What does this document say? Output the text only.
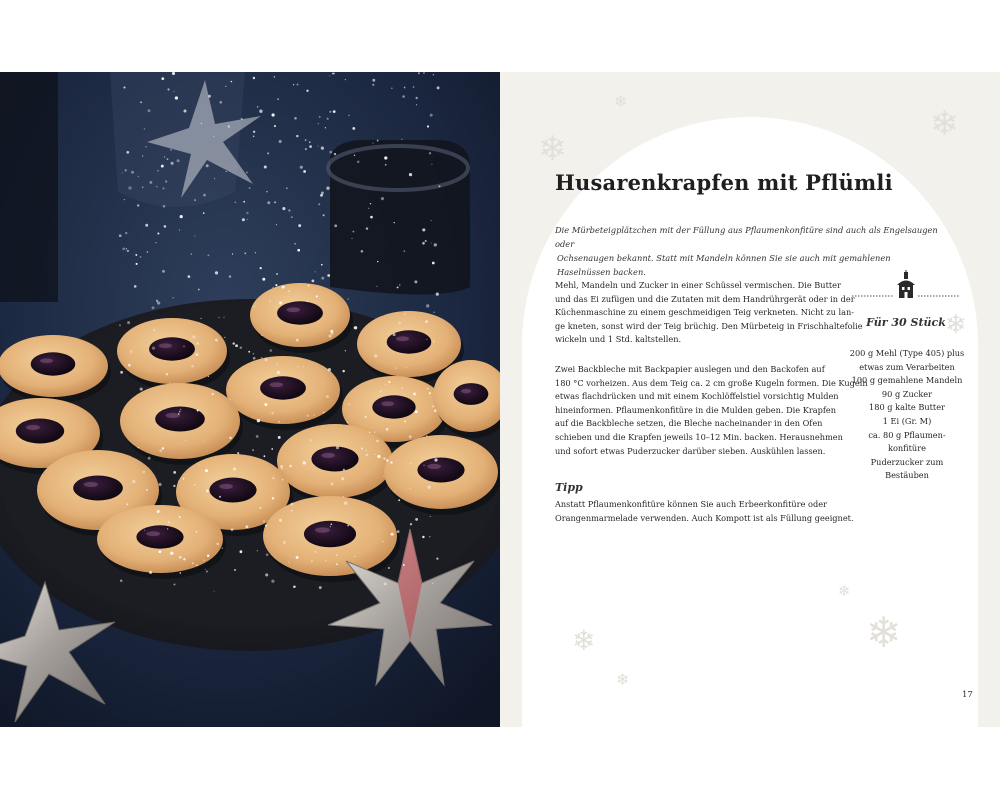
❄
❄
❄
❄
❄	❄
❄
❄
Husarenkrapfen mit Pflümli

Die Mürbeteigplätzchen mit der Füllung aus Pflaumenkonfitüre sind auch als Engelsaugen oder
Ochsenaugen bekannt. Statt mit Mandeln können Sie sie auch mit gemahlenen Haselnüssen backen.

Mehl, Mandeln und Zucker in einer Schüssel vermischen. Die Butter
und das Ei zufügen und die Zutaten mit dem Handrührgerät oder in der
Küchenmaschine zu einem geschmeidigen Teig verkneten. Nicht zu lan-
ge kneten, sonst wird der Teig brüchig. Den Mürbeteig in Frischhaltefolie
wickeln und 1 Std. kaltstellen.

Zwei Backbleche mit Backpapier auslegen und den Backofen auf
180 °C vorheizen. Aus dem Teig ca. 2 cm große Kugeln formen. Die Kugeln
etwas flachdrücken und mit einem Kochlöffelstiel vorsichtig Mulden
hineinformen. Pflaumenkonfitüre in die Mulden geben. Die Krapfen
auf die Backbleche setzen, die Bleche nacheinander in den Ofen
schieben und die Krapfen jeweils 10–12 Min. backen. Herausnehmen
und sofort etwas Puderzucker darüber sieben. Auskühlen lassen.

Tipp

Anstatt Pflaumenkonfitüre können Sie auch Erbeerkonfitüre oder
Orangenmarmelade verwenden. Auch Kompott ist als Füllung geeignet.

Für 30 Stück
200 g Mehl (Type 405) plus
etwas zum Verarbeiten
100 g gemahlene Mandeln
90 g Zucker
180 g kalte Butter
1 Ei (Gr. M)
ca. 80 g Pflaumen-
konfitüre
Puderzucker zum
Bestäuben
17
